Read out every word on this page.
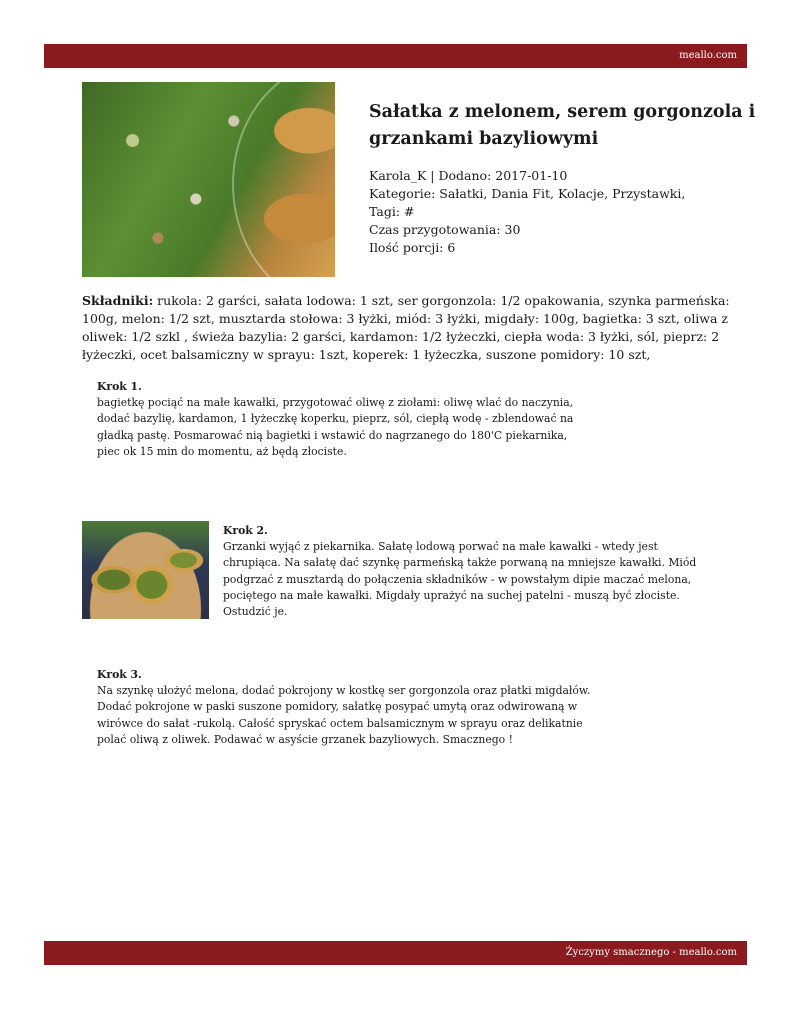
meallo.com
Sałatka z melonem, serem gorgonzola i grzankami bazyliowymi
Karola_K | Dodano: 2017-01-10
Kategorie: Sałatki, Dania Fit, Kolacje, Przystawki,
Tagi: #
Czas przygotowania: 30
Ilość porcji: 6
Składniki: rukola: 2 garści, sałata lodowa: 1 szt, ser gorgonzola: 1/2 opakowania, szynka parmeńska: 100g, melon: 1/2 szt, musztarda stołowa: 3 łyżki, miód: 3 łyżki, migdały: 100g, bagietka: 3 szt, oliwa z oliwek: 1/2 szkl , świeża bazylia: 2 garści, kardamon: 1/2 łyżeczki, ciepła woda: 3 łyżki, sól, pieprz: 2 łyżeczki, ocet balsamiczny w sprayu: 1szt, koperek: 1 łyżeczka, suszone pomidory: 10 szt,
Krok 1.
bagietkę pociąć na małe kawałki, przygotować oliwę z ziołami: oliwę wlać do naczynia, dodać bazylię, kardamon, 1 łyżeczkę koperku, pieprz, sól, ciepłą wodę - zblendować na gładką pastę. Posmarować nią bagietki i wstawić do nagrzanego do 180'C piekarnika, piec ok 15 min do momentu, aż będą złociste.
Krok 2.
Grzanki wyjąć z piekarnika. Sałatę lodową porwać na małe kawałki - wtedy jest chrupiąca. Na sałatę dać szynkę parmeńską także porwaną na mniejsze kawałki. Miód podgrzać z musztardą do połączenia składników - w powstałym dipie maczać melona, pociętego na małe kawałki. Migdały uprażyć na suchej patelni - muszą być złociste. Ostudzić je.
Krok 3.
Na szynkę ułożyć melona, dodać pokrojony w kostkę ser gorgonzola oraz płatki migdałów. Dodać pokrojone w paski suszone pomidory, sałatkę posypać umytą oraz odwirowaną w wirówce do sałat -rukolą. Całość spryskać octem balsamicznym w sprayu oraz delikatnie polać oliwą z oliwek. Podawać w asyście grzanek bazyliowych. Smacznego !
Życzymy smacznego - meallo.com
